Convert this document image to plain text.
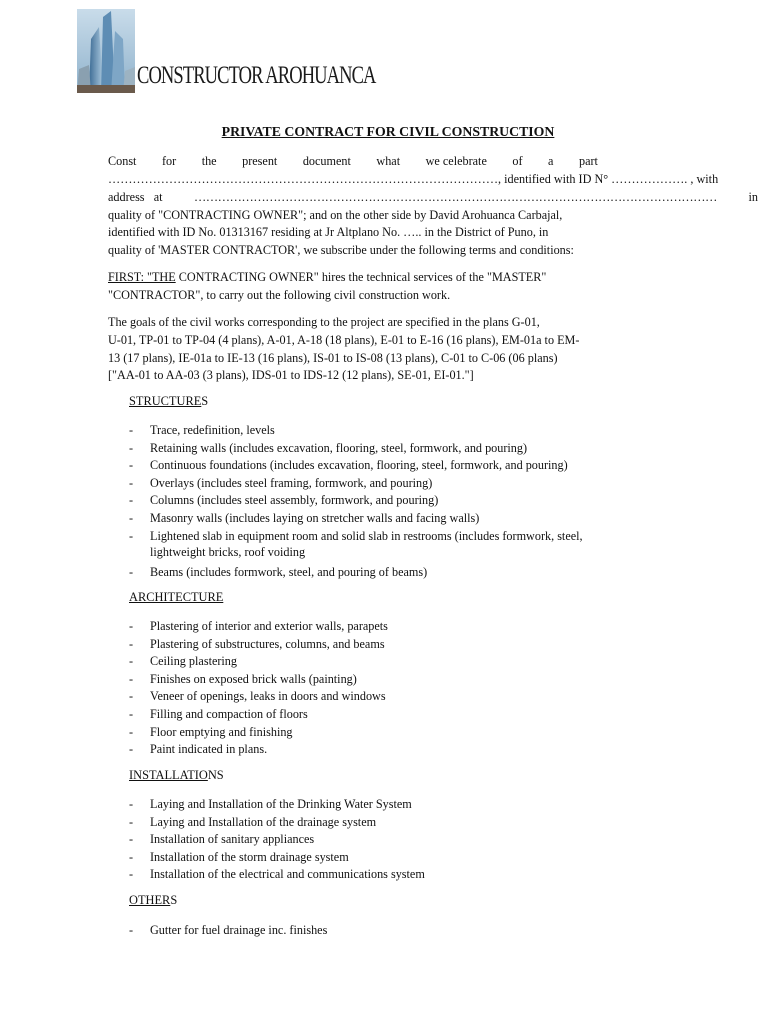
CONSTRUCTOR AROHUANCA
PRIVATE CONTRACT FOR CIVIL CONSTRUCTION
Const for the present document what we celebrate of a part
……………………………………………………………………………………, identified with ID N° ………………. , with
address   at	……………………………………………………………………………………………………………………	in
quality of "CONTRACTING OWNER"; and on the other side by David Arohuanca Carbajal,
identified with ID No. 01313167 residing at Jr Altplano No. ….. in the District of Puno, in
quality of 'MASTER CONTRACTOR', we subscribe under the following terms and conditions:
FIRST: "THE CONTRACTING OWNER" hires the technical services of the "MASTER"
"CONTRACTOR", to carry out the following civil construction work.
The goals of the civil works corresponding to the project are specified in the plans G-01,
U-01, TP-01 to TP-04 (4 plans), A-01, A-18 (18 plans), E-01 to E-16 (16 plans), EM-01a to EM-
13 (17 plans), IE-01a to IE-13 (16 plans), IS-01 to IS-08 (13 plans), C-01 to C-06 (06 plans)
["AA-01 to AA-03 (3 plans), IDS-01 to IDS-12 (12 plans), SE-01, EI-01."]
STRUCTURES
- Trace, redefinition, levels
- Retaining walls (includes excavation, flooring, steel, formwork, and pouring)
- Continuous foundations (includes excavation, flooring, steel, formwork, and pouring)
- Overlays (includes steel framing, formwork, and pouring)
- Columns (includes steel assembly, formwork, and pouring)
- Masonry walls (includes laying on stretcher walls and facing walls)
- Lightened slab in equipment room and solid slab in restrooms (includes formwork, steel,
- Beams (includes formwork, steel, and pouring of beams)
lightweight bricks, roof voiding
ARCHITECTURE
- Plastering of interior and exterior walls, parapets
- Plastering of substructures, columns, and beams
- Ceiling plastering
- Finishes on exposed brick walls (painting)
- Veneer of openings, leaks in doors and windows
- Filling and compaction of floors
- Floor emptying and finishing
- Paint indicated in plans.
INSTALLATIONS
- Laying and Installation of the Drinking Water System
- Laying and Installation of the drainage system
- Installation of sanitary appliances
- Installation of the storm drainage system
- Installation of the electrical and communications system
OTHERS
- Gutter for fuel drainage inc. finishes
